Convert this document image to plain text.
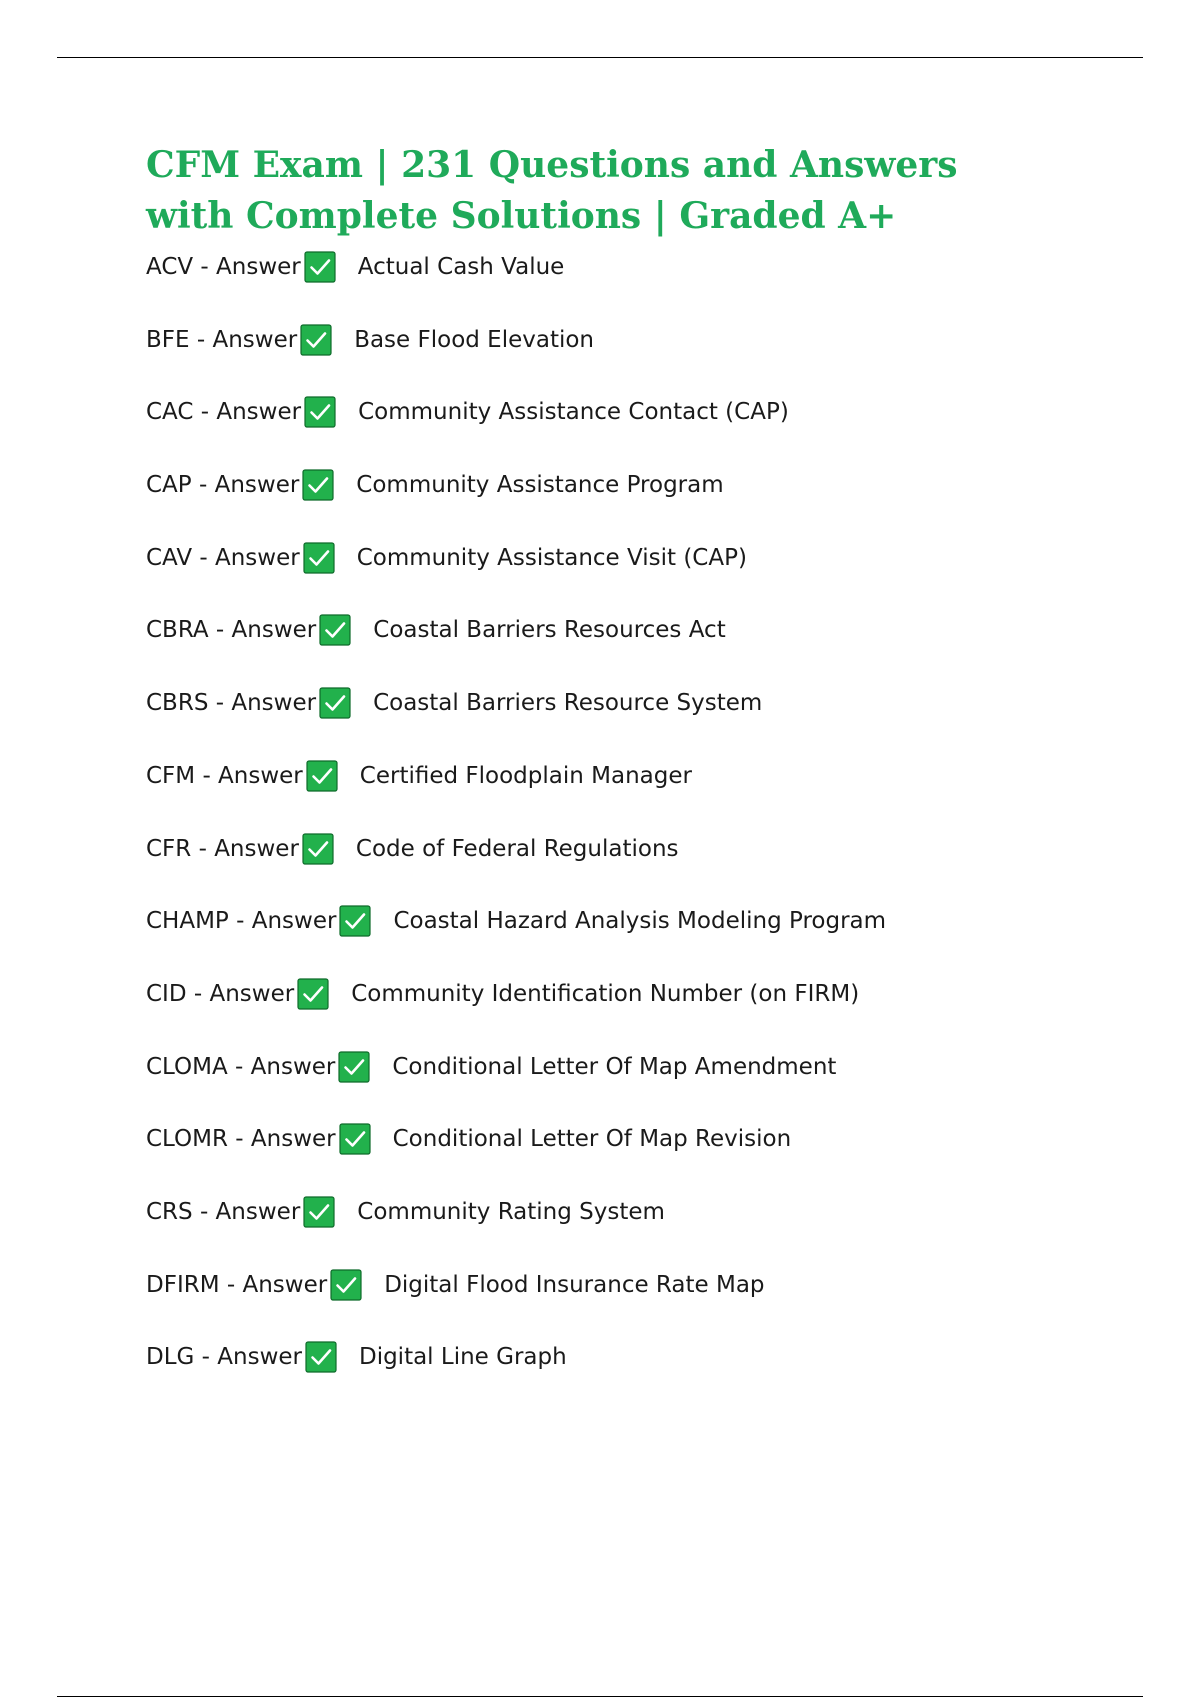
CFM Exam | 231 Questions and Answers with Complete Solutions | Graded A+
ACV - Answer Actual Cash Value
BFE - Answer Base Flood Elevation
CAC - Answer Community Assistance Contact (CAP)
CAP - Answer Community Assistance Program
CAV - Answer Community Assistance Visit (CAP)
CBRA - Answer Coastal Barriers Resources Act
CBRS - Answer Coastal Barriers Resource System
CFM - Answer Certified Floodplain Manager
CFR - Answer Code of Federal Regulations
CHAMP - Answer Coastal Hazard Analysis Modeling Program
CID - Answer Community Identification Number (on FIRM)
CLOMA - Answer Conditional Letter Of Map Amendment
CLOMR - Answer Conditional Letter Of Map Revision
CRS - Answer Community Rating System
DFIRM - Answer Digital Flood Insurance Rate Map
DLG - Answer Digital Line Graph
